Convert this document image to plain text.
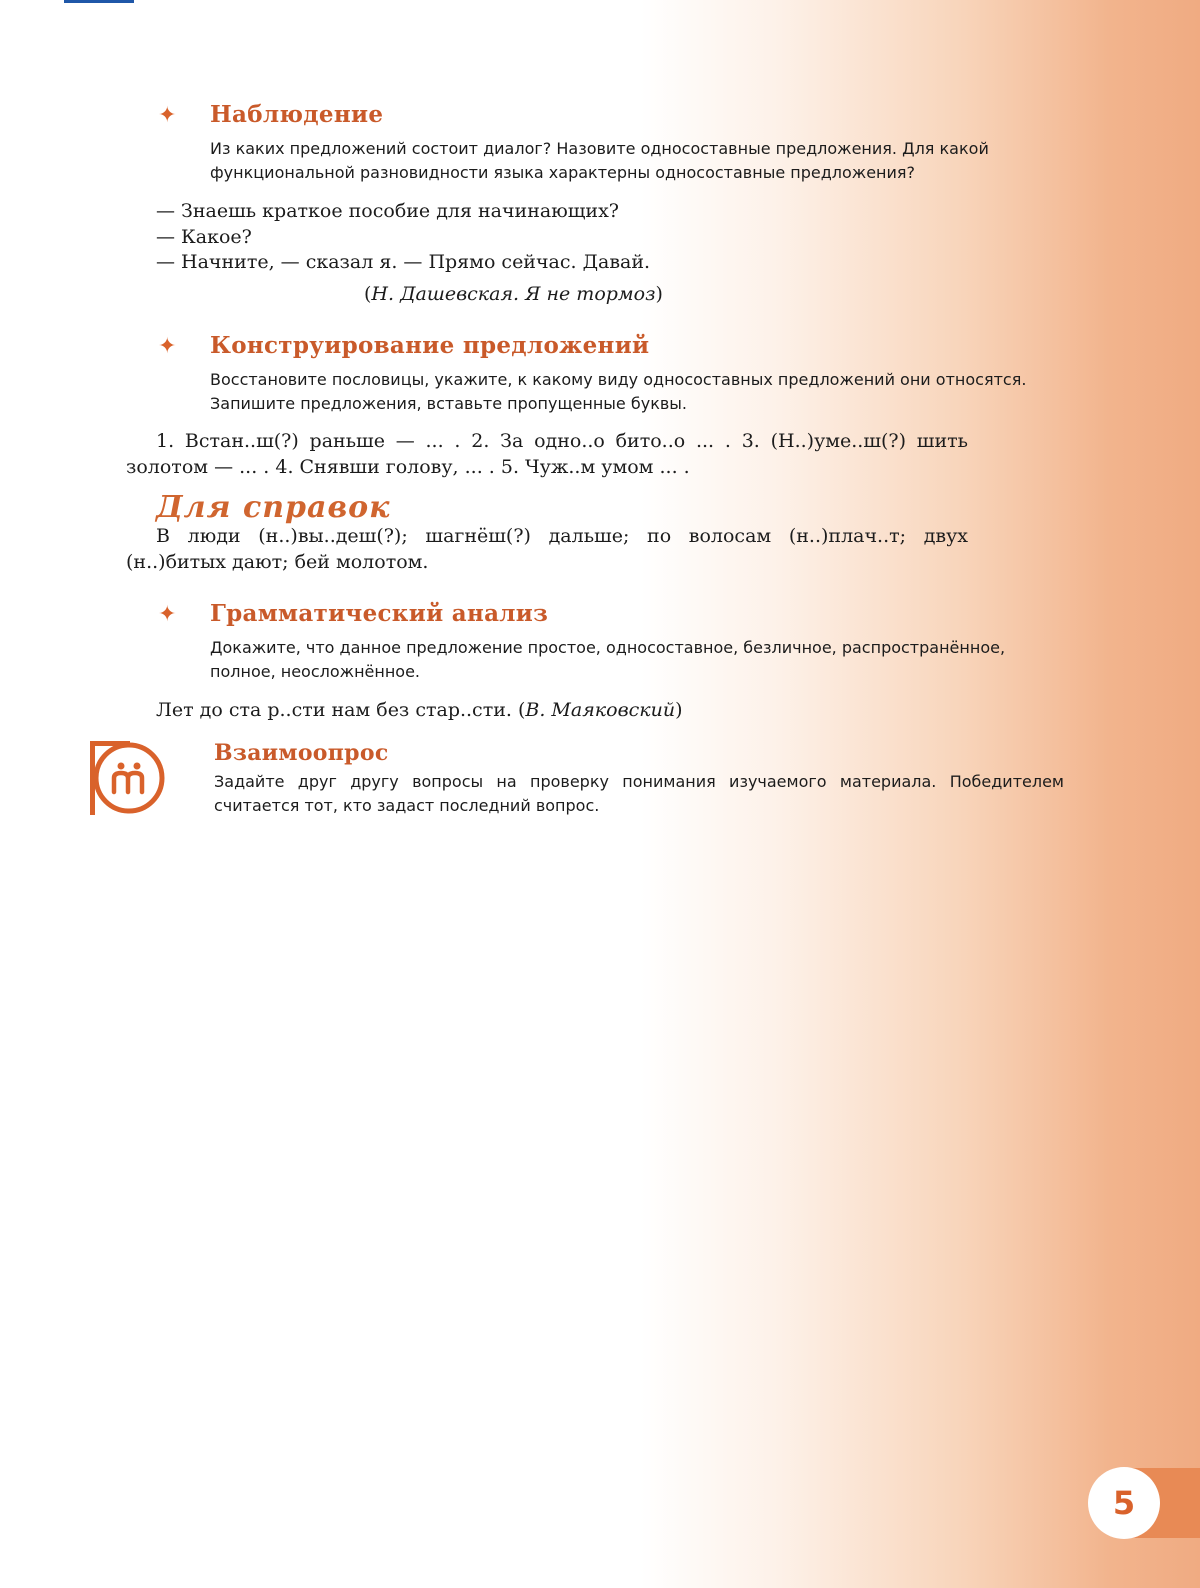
✦ Наблюдение
Из каких предложений состоит диалог? Назовите односоставные предложения. Для какой функциональной разновидности языка характерны односоставные предложения?
— Знаешь краткое пособие для начинающих?
— Какое?
— Начните, — сказал я. — Прямо сейчас. Давай.
(Н. Дашевская. Я не тормоз)
✦ Конструирование предложений
Восстановите пословицы, укажите, к какому виду односоставных предложений они относятся. Запишите предложения, вставьте пропущенные буквы.
1. Встан..ш(?) раньше — ... . 2. За одно..о бито..о ... . 3. (Н..)уме..ш(?) шить золотом — ... . 4. Снявши голову, ... . 5. Чуж..м умом ... .
Для справок
В люди (н..)вы..деш(?); шагнёш(?) дальше; по волосам (н..)плач..т; двух (н..)битых дают; бей молотом.
✦ Грамматический анализ
Докажите, что данное предложение простое, односоставное, безличное, распространённое, полное, неосложнённое.
Лет до ста р..сти нам без стар..сти. (В. Маяковский)
Взаимоопрос
Задайте друг другу вопросы на проверку понимания изучаемого материала. Победителем считается тот, кто задаст последний вопрос.
5
